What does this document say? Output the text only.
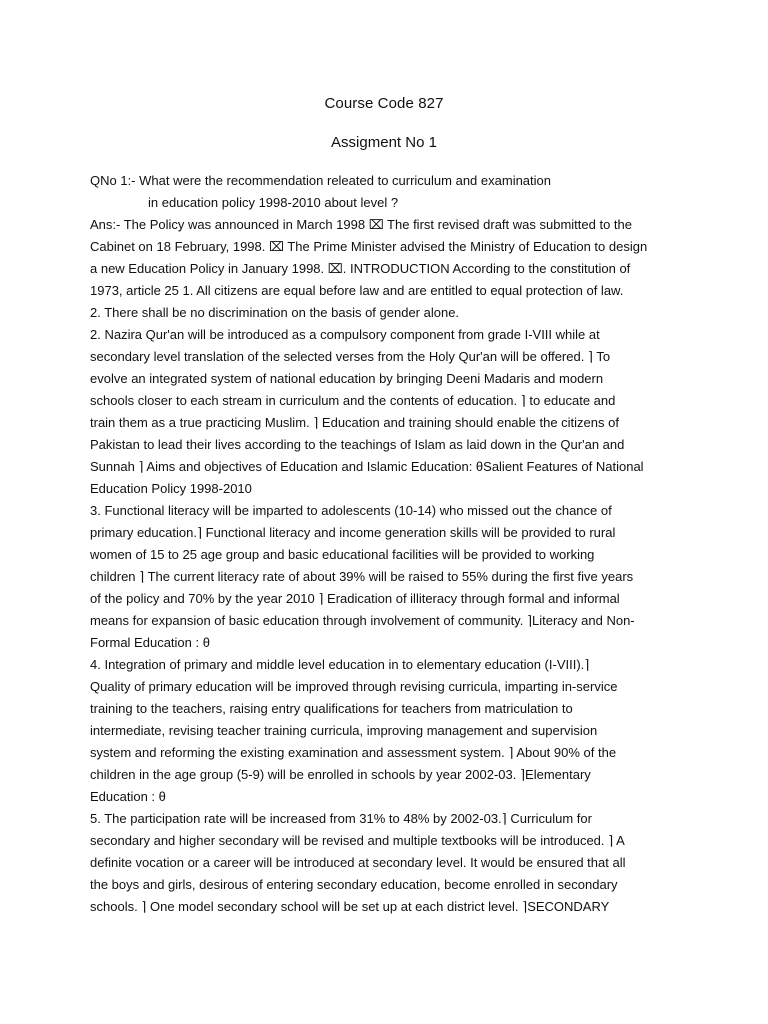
Course Code 827
Assigment No 1
QNo 1:- What were the recommendation releated to curriculum and examination
in education policy 1998-2010 about level ?
Ans:- The Policy was announced in March 1998 ⌧ The first revised draft was submitted to the
Cabinet on 18 February, 1998. ⌧ The Prime Minister advised the Ministry of Education to design
a new Education Policy in January 1998. ⌧. INTRODUCTION According to the constitution of
1973, article 25 1. All citizens are equal before law and are entitled to equal protection of law.
2. There shall be no discrimination on the basis of gender alone.
2. Nazira Qur'an will be introduced as a compulsory component from grade I-VIII while at
secondary level translation of the selected verses from the Holy Qur'an will be offered. ⌉ To
evolve an integrated system of national education by bringing Deeni Madaris and modern
schools closer to each stream in curriculum and the contents of education. ⌉ to educate and
train them as a true practicing Muslim. ⌉ Education and training should enable the citizens of
Pakistan to lead their lives according to the teachings of Islam as laid down in the Qur'an and
Sunnah ⌉ Aims and objectives of Education and Islamic Education: θSalient Features of National
Education Policy 1998-2010
3. Functional literacy will be imparted to adolescents (10-14) who missed out the chance of
primary education.⌉ Functional literacy and income generation skills will be provided to rural
women of 15 to 25 age group and basic educational facilities will be provided to working
children ⌉ The current literacy rate of about 39% will be raised to 55% during the first five years
of the policy and 70% by the year 2010 ⌉ Eradication of illiteracy through formal and informal
means for expansion of basic education through involvement of community. ⌉Literacy and Non-
Formal Education : θ
4. Integration of primary and middle level education in to elementary education (I-VIII).⌉
Quality of primary education will be improved through revising curricula, imparting in-service
training to the teachers, raising entry qualifications for teachers from matriculation to
intermediate, revising teacher training curricula, improving management and supervision
system and reforming the existing examination and assessment system. ⌉ About 90% of the
children in the age group (5-9) will be enrolled in schools by year 2002-03. ⌉Elementary
Education : θ
5. The participation rate will be increased from 31% to 48% by 2002-03.⌉ Curriculum for
secondary and higher secondary will be revised and multiple textbooks will be introduced. ⌉ A
definite vocation or a career will be introduced at secondary level. It would be ensured that all
the boys and girls, desirous of entering secondary education, become enrolled in secondary
schools. ⌉ One model secondary school will be set up at each district level. ⌉SECONDARY
